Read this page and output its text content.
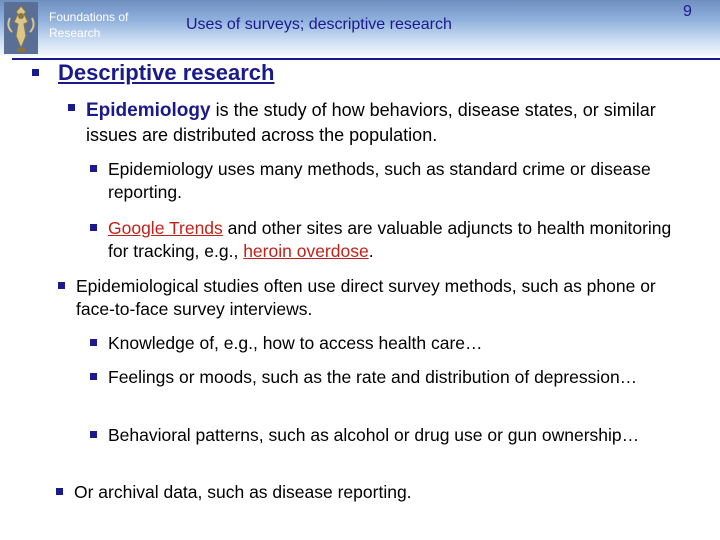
Foundations of Research	Uses of surveys; descriptive research
9
Descriptive research
Epidemiology is the study of how behaviors, disease states, or similar issues are distributed across the population.
Epidemiology uses many methods, such as standard crime or disease reporting.
Google Trends and other sites are valuable adjuncts to health monitoring for tracking, e.g., heroin overdose.
Epidemiological studies often use direct survey methods, such as phone or face-to-face survey interviews.
Knowledge of, e.g., how to access health care…
Feelings or moods, such as the rate and distribution of depression…
Behavioral patterns, such as alcohol or drug use or gun ownership…
Or archival data, such as disease reporting.
